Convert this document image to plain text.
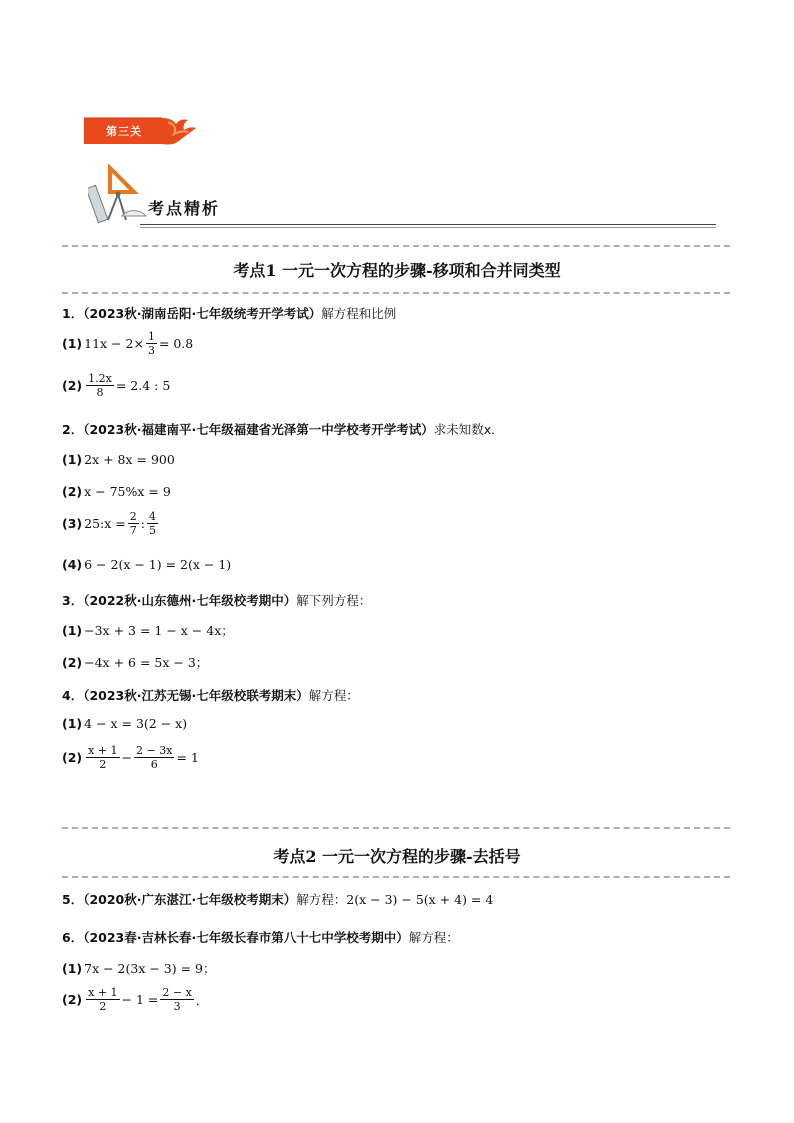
第三关
考点精析
考点1 一元一次方程的步骤-移项和合并同类型
1．（2023秋·湖南岳阳·七年级统考开学考试）解方程和比例
(1) $11x - 2\times \frac{1}{3} = 0.8$
$(2) \frac{1.2x}{8} = 2.4$ : 5
2．（2023秋·福建南平·七年级福建省光泽第一中学校考开学考试）求未知数x．
(1) 2x + 8x = 900
(2) x − 75%x = 9
(3) 25:x = $\frac{2}{7}$ : $\frac{4}{5}$
(4) 6 − 2(x − 1) = 2(x − 1)
3．（2022秋·山东德州·七年级校考期中）解下列方程：
(1) −3x + 3 = 1 − x − 4x；
(2) −4x + 6 = 5x − 3；
4．（2023秋·江苏无锡·七年级校联考期末）解方程：
(1) 4 − x = 3(2 − x)
$(2) \frac{x + 1}{2} - \frac{2 - 3x}{6} = 1$
考点2 一元一次方程的步骤-去括号
5．（2020秋·广东湛江·七年级校考期末）解方程：2(x − 3) − 5(x + 4) = 4
6．（2023春·吉林长春·七年级长春市第八十七中学校考期中）解方程：
(1) 7x − 2(3x − 3) = 9；
$(2) \frac{x + 1}{2} - 1 = \frac{2 - x}{3}$ ．
